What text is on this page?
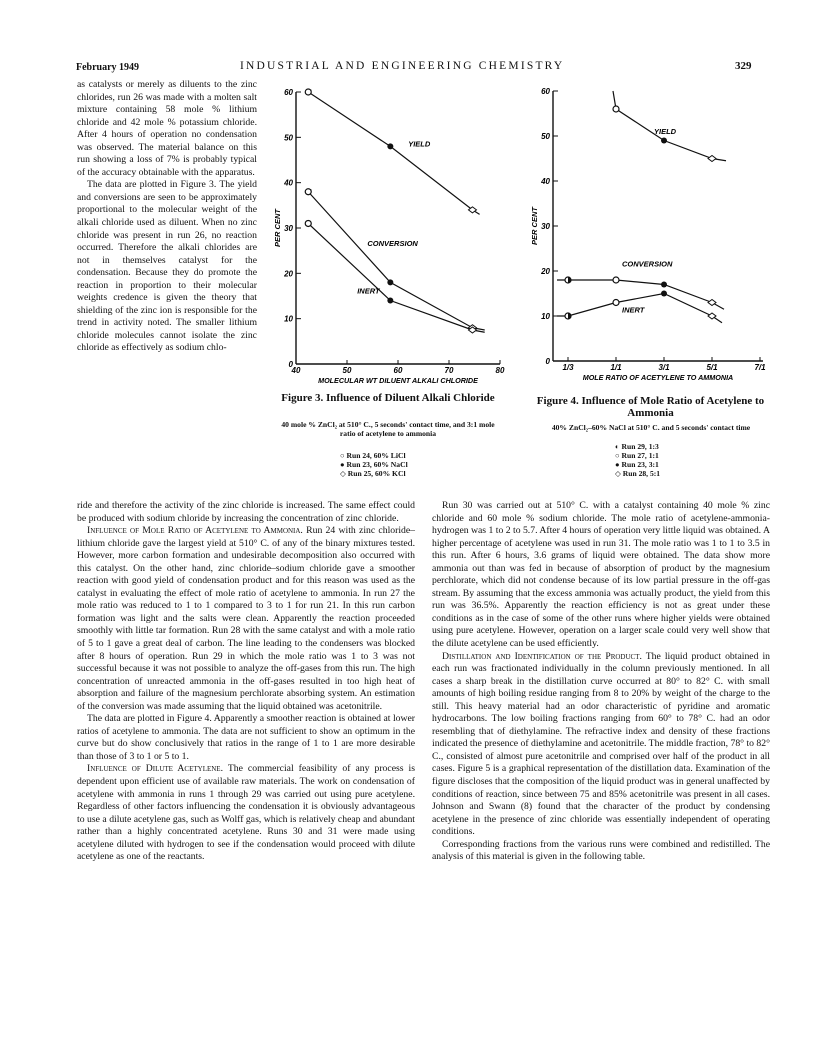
February 1949	INDUSTRIAL AND ENGINEERING CHEMISTRY	329

as catalysts or merely as diluents to the zinc chlorides, run 26 was made with a molten salt mixture containing 58 mole % lithium chloride and 42 mole % potassium chloride. After 4 hours of operation no condensation was observed. The material balance on this run showing a loss of 7% is probably typical of the accuracy obtainable with the apparatus.

The data are plotted in Figure 3. The yield and conversions are seen to be approximately proportional to the molecular weight of the alkali chloride used as diluent. When no zinc chloride was present in run 26, no reaction occurred. Therefore the alkali chlorides are not in themselves catalyst for the condensation. Because they do promote the reaction in proportion to their molecular weights credence is given the theory that shielding of the zinc ion is responsible for the trend in activity noted. The smaller lithium chloride molecules cannot isolate the zinc chloride as effectively as sodium chlo-

0
10
20
30
40
50
60
40	50	60	70	80
MOLECULAR WT DILUENT ALKALI CHLORIDE
PER CENT
YIELD
CONVERSION
INERT
Figure 3. Influence of Diluent Alkali Chloride
40 mole % ZnCl₂ at 510° C., 5 seconds' contact time, and 3:1 mole ratio of acetylene to ammonia
○ Run 24, 60% LiCl
● Run 23, 60% NaCl
◇ Run 25, 60% KCl
0
10
20
30
40
50
60
1/3	1/1	3/1	5/1	7/1
MOLE RATIO OF ACETYLENE TO AMMONIA
PER CENT
YIELD
CONVERSION
INERT
Figure 4. Influence of Mole Ratio of Acetylene to Ammonia
40% ZnCl₂–60% NaCl at 510° C. and 5 seconds' contact time
◐ Run 29, 1:3
○ Run 27, 1:1
● Run 23, 3:1
◇ Run 28, 5:1

ride and therefore the activity of the zinc chloride is increased. The same effect could be produced with sodium chloride by increasing the concentration of zinc chloride.

Influence of Mole Ratio of Acetylene to Ammonia. Run 24 with zinc chloride–lithium chloride gave the largest yield at 510° C. of any of the binary mixtures tested. However, more carbon formation and undesirable decomposition also occurred with this catalyst. On the other hand, zinc chloride–sodium chloride gave a smoother reaction with good yield of condensation product and for this reason was used as the catalyst in evaluating the effect of mole ratio of acetylene to ammonia. In run 27 the mole ratio was reduced to 1 to 1 compared to 3 to 1 for run 21. In this run carbon formation was light and the salts were clean. Apparently the reaction proceeded smoothly with little tar formation. Run 28 with the same catalyst and with a mole ratio of 5 to 1 gave a great deal of carbon. The line leading to the condensers was blocked after 8 hours of operation. Run 29 in which the mole ratio was 1 to 3 was not successful because it was not possible to analyze the off-gases from this run. The high concentration of unreacted ammonia in the off-gases resulted in too high heat of absorption and failure of the magnesium perchlorate absorbing system. An estimation of the conversion was made assuming that the liquid obtained was acetonitrile.

The data are plotted in Figure 4. Apparently a smoother reaction is obtained at lower ratios of acetylene to ammonia. The data are not sufficient to show an optimum in the curve but do show conclusively that ratios in the range of 1 to 1 are more desirable than those of 3 to 1 or 5 to 1.

Influence of Dilute Acetylene. The commercial feasibility of any process is dependent upon efficient use of available raw materials. The work on condensation of acetylene with ammonia in runs 1 through 29 was carried out using pure acetylene. Regardless of other factors influencing the condensation it is obviously advantageous to use a dilute acetylene gas, such as Wolff gas, which is relatively cheap and abundant rather than a highly concentrated acetylene. Runs 30 and 31 were made using acetylene diluted with hydrogen to see if the condensation would proceed with dilute acetylene as one of the reactants.

Run 30 was carried out at 510° C. with a catalyst containing 40 mole % zinc chloride and 60 mole % sodium chloride. The mole ratio of acetylene-ammonia-hydrogen was 1 to 2 to 5.7. After 4 hours of operation very little liquid was obtained. A higher percentage of acetylene was used in run 31. The mole ratio was 1 to 1 to 3.5 in this run. After 6 hours, 3.6 grams of liquid were obtained. The data show more ammonia out than was fed in because of absorption of product by the magnesium perchlorate, which did not condense because of its low partial pressure in the off-gas stream. By assuming that the excess ammonia was actually product, the yield from this run was 36.5%. Apparently the reaction efficiency is not as great under these conditions as in the case of some of the other runs where higher yields were obtained using pure acetylene. However, operation on a larger scale could very well show that the dilute acetylene can be used efficiently.

Distillation and Identification of the Product. The liquid product obtained in each run was fractionated individually in the column previously mentioned. In all cases a sharp break in the distillation curve occurred at 80° to 82° C. with small amounts of high boiling residue ranging from 8 to 20% by weight of the charge to the still. This heavy material had an odor characteristic of pyridine and aromatic hydrocarbons. The low boiling fractions ranging from 60° to 78° C. had an odor resembling that of diethylamine. The refractive index and density of these fractions indicated the presence of diethylamine and acetonitrile. The middle fraction, 78° to 82° C., consisted of almost pure acetonitrile and comprised over half of the product in all cases. Figure 5 is a graphical representation of the distillation data. Examination of the figure discloses that the composition of the liquid product was in general unaffected by conditions of reaction, since between 75 and 85% acetonitrile was present in all cases. Johnson and Swann (8) found that the character of the product by condensing acetylene in the presence of zinc chloride was essentially independent of operating conditions.

Corresponding fractions from the various runs were combined and redistilled. The analysis of this material is given in the following table.
